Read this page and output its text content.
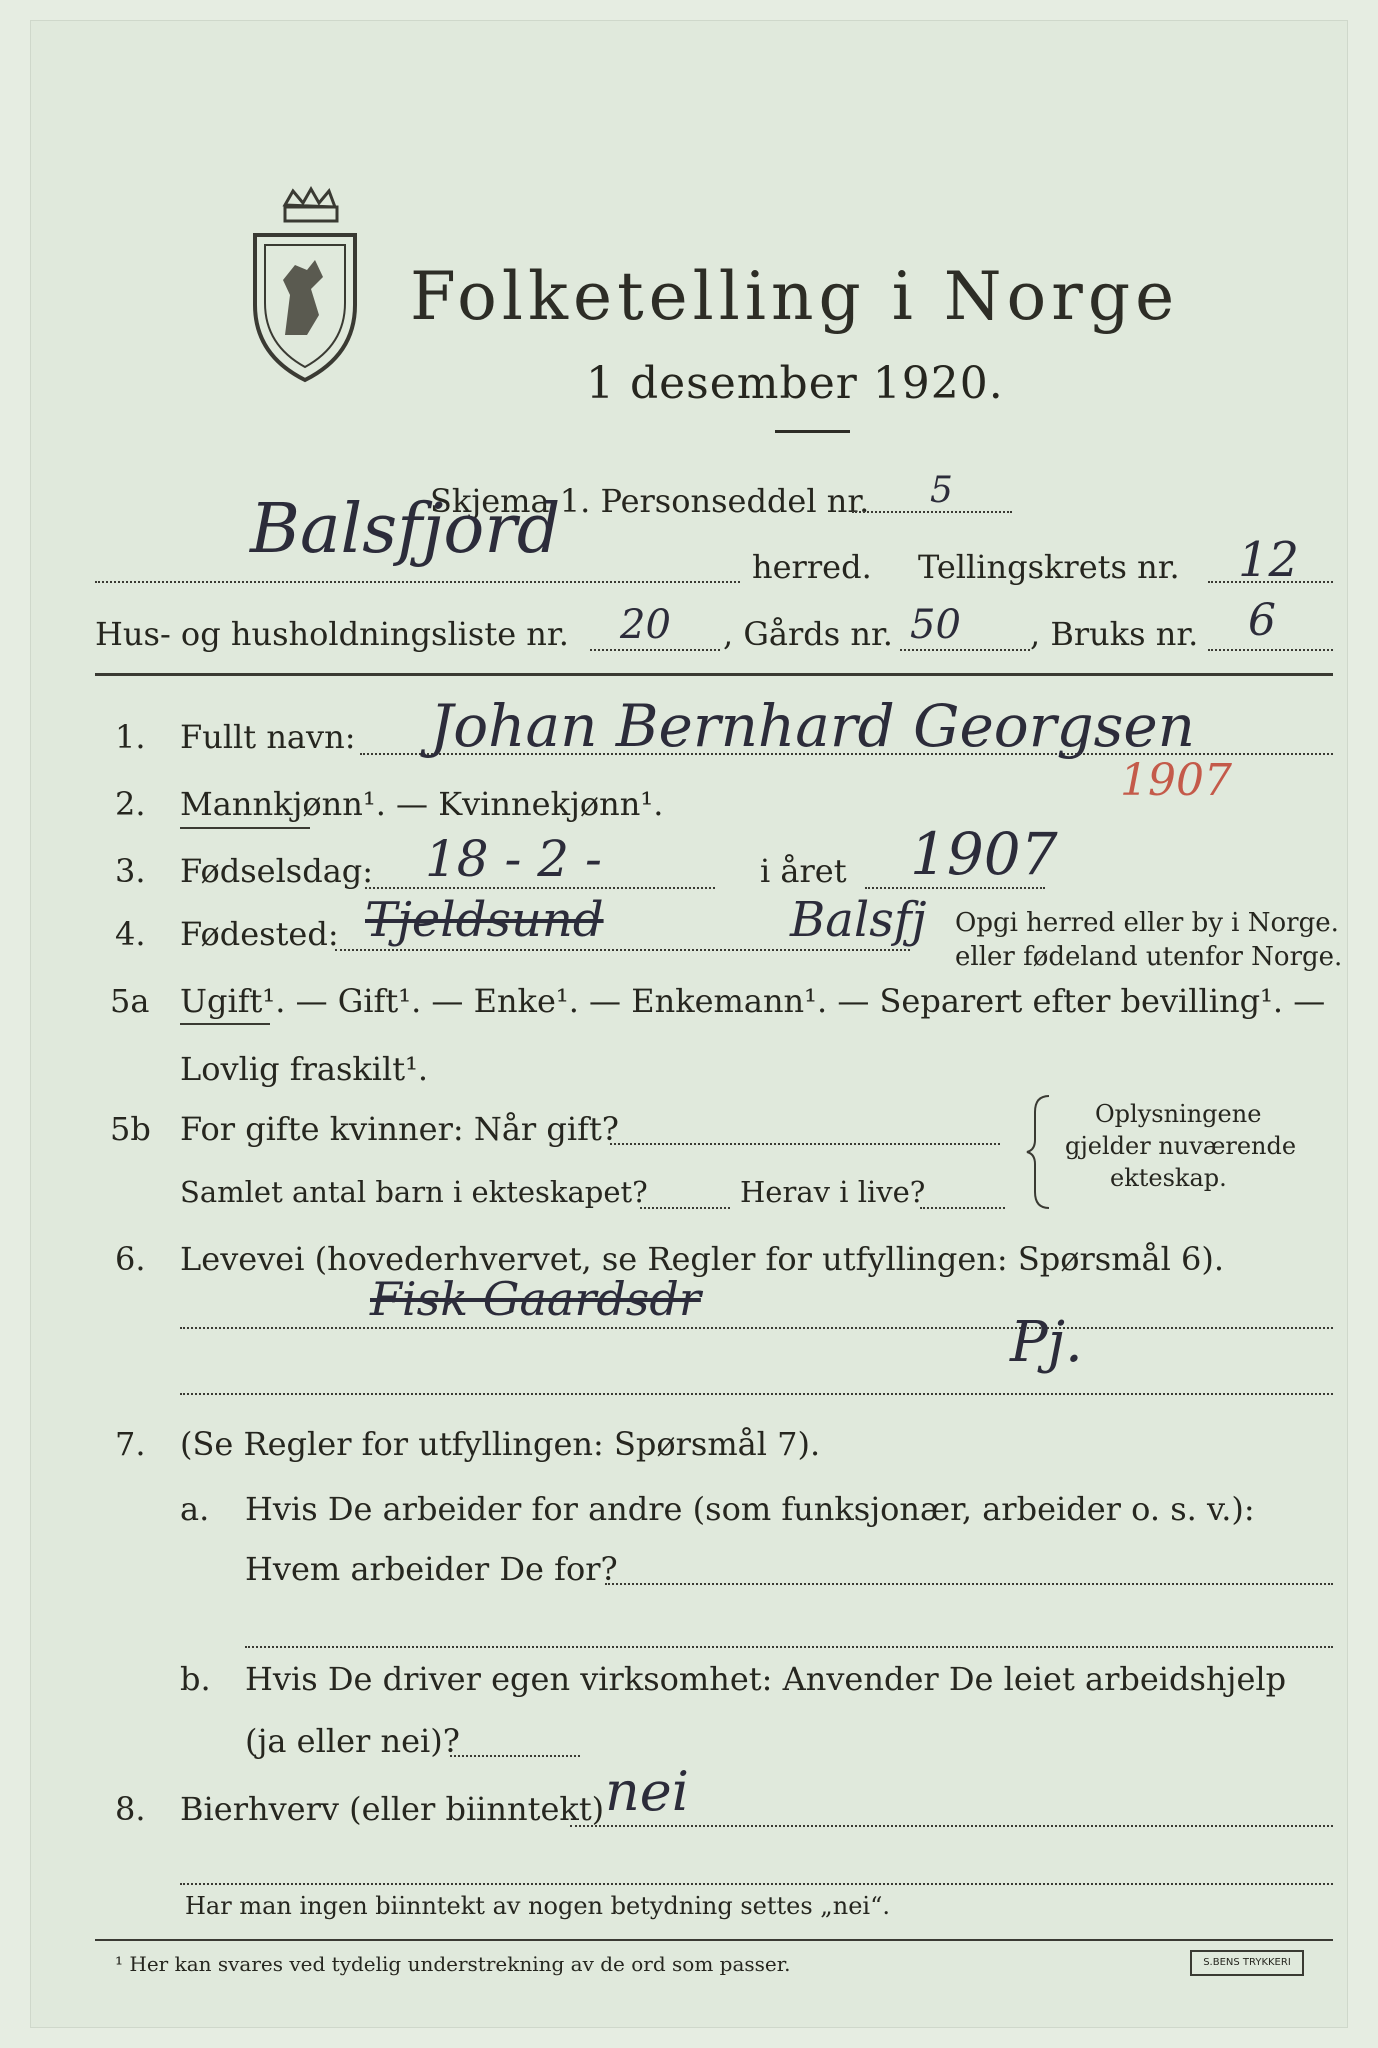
Folketelling i Norge
1 desember 1920.
Skjema 1. Personseddel nr. 5
Balsfjord	herred. Tellingskrets nr. 12
Hus- og husholdningsliste nr. 20 , Gårds nr. 50 , Bruks nr. 6
1. Fullt navn: Johan Bernhard Georgsen
2. Mannkjønn¹. — Kvinnekjønn¹.	1907
3. Fødselsdag: 18 - 2 -	i året 1907
4. Fødested: Tjeldsund	Balsfj Opgi herred eller by i Norge.
eller fødeland utenfor Norge.
5a Ugift¹. — Gift¹. — Enke¹. — Enkemann¹. — Separert efter bevilling¹. —
Lovlig fraskilt¹.
5b For gifte kvinner: Når gift?
Samlet antal barn i ekteskapet?	Herav i live?
Oplysningene
gjelder nuværende
ekteskap.
6. Levevei (hovederhvervet, se Regler for utfyllingen: Spørsmål 6).
Fisk Gaardsdr
Pj.
7. (Se Regler for utfyllingen: Spørsmål 7).
a. Hvis De arbeider for andre (som funksjonær, arbeider o. s. v.):
Hvem arbeider De for?
b. Hvis De driver egen virksomhet: Anvender De leiet arbeidshjelp
(ja eller nei)?
8. Bierhverv (eller biinntekt) nei
Har man ingen biinntekt av nogen betydning settes „nei“.
¹ Her kan svares ved tydelig understrekning av de ord som passer.	S.BENS TRYKKERI
